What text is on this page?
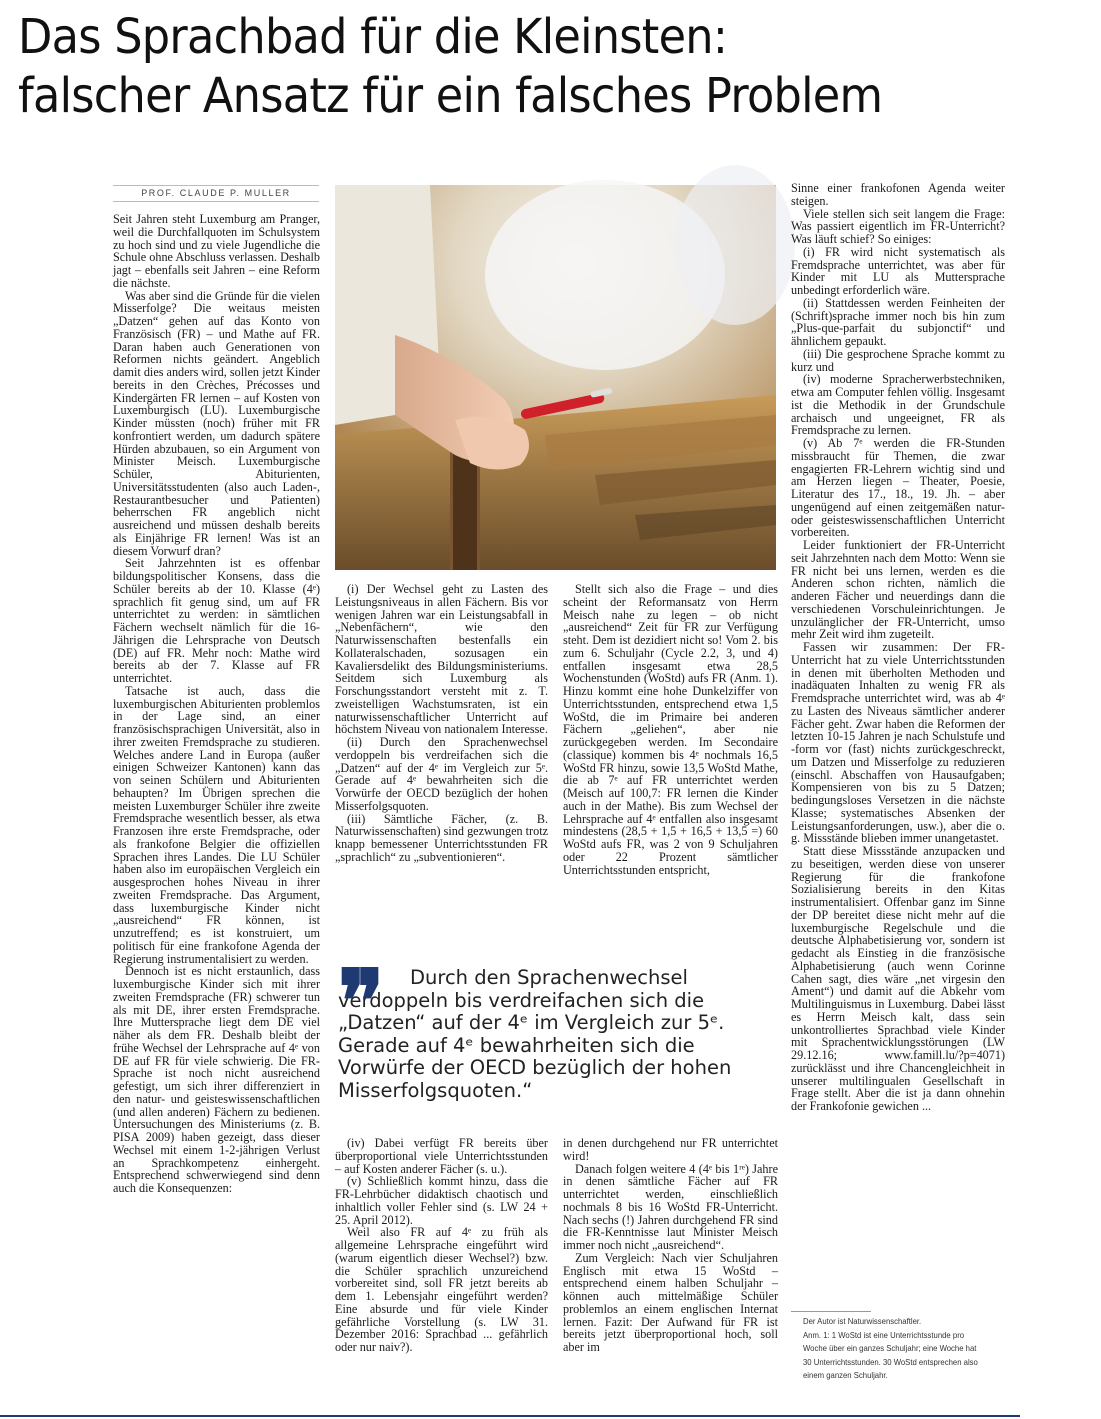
Das Sprachbad für die Kleinsten:
falscher Ansatz für ein falsches Problem
PROF. CLAUDE P. MULLER

Seit Jahren steht Luxemburg am Pranger, weil die Durchfallquoten im Schulsystem zu hoch sind und zu viele Jugendliche die Schule ohne Abschluss verlassen. Deshalb jagt – ebenfalls seit Jahren – eine Reform die nächste.

Was aber sind die Gründe für die vielen Misserfolge? Die weitaus meisten „Datzen“ gehen auf das Konto von Französisch (FR) – und Mathe auf FR. Daran haben auch Generationen von Reformen nichts geändert. Angeblich damit dies anders wird, sollen jetzt Kinder bereits in den Crèches, Précosses und Kindergärten FR lernen – auf Kosten von Luxemburgisch (LU). Luxemburgische Kinder müssten (noch) früher mit FR konfrontiert werden, um dadurch spätere Hürden abzubauen, so ein Argument von Minister Meisch. Luxemburgische Schüler, Abiturienten, Universitätsstudenten (also auch Laden-, Restaurantbesucher und Patienten) beherrschen FR angeblich nicht ausreichend und müssen deshalb bereits als Einjährige FR lernen! Was ist an diesem Vorwurf dran?

Seit Jahrzehnten ist es offenbar bildungspolitischer Konsens, dass die Schüler bereits ab der 10. Klasse (4ᵉ) sprachlich fit genug sind, um auf FR unterrichtet zu werden: in sämtlichen Fächern wechselt nämlich für die 16-Jährigen die Lehrsprache von Deutsch (DE) auf FR. Mehr noch: Mathe wird bereits ab der 7. Klasse auf FR unterrichtet.

Tatsache ist auch, dass die luxemburgischen Abiturienten problemlos in der Lage sind, an einer französischsprachigen Universität, also in ihrer zweiten Fremdsprache zu studieren. Welches andere Land in Europa (außer einigen Schweizer Kantonen) kann das von seinen Schülern und Abiturienten behaupten? Im Übrigen sprechen die meisten Luxemburger Schüler ihre zweite Fremdsprache wesentlich besser, als etwa Franzosen ihre erste Fremdsprache, oder als frankofone Belgier die offiziellen Sprachen ihres Landes. Die LU Schüler haben also im europäischen Vergleich ein ausgesprochen hohes Niveau in ihrer zweiten Fremdsprache. Das Argument, dass luxemburgische Kinder nicht „ausreichend“ FR können, ist unzutreffend; es ist konstruiert, um politisch für eine frankofone Agenda der Regierung instrumentalisiert zu werden.

Dennoch ist es nicht erstaunlich, dass luxemburgische Kinder sich mit ihrer zweiten Fremdsprache (FR) schwerer tun als mit DE, ihrer ersten Fremdsprache. Ihre Muttersprache liegt dem DE viel näher als dem FR. Deshalb bleibt der frühe Wechsel der Lehrsprache auf 4ᵉ von DE auf FR für viele schwierig. Die FR-Sprache ist noch nicht ausreichend gefestigt, um sich ihrer differenziert in den natur- und geisteswissenschaftlichen (und allen anderen) Fächern zu bedienen. Untersuchungen des Ministeriums (z. B. PISA 2009) haben gezeigt, dass dieser Wechsel mit einem 1-2-jährigen Verlust an Sprachkompetenz einhergeht. Entsprechend schwerwiegend sind denn auch die Konsequenzen:

(FOTO: SHUTTERSTOCK)

(i) Der Wechsel geht zu Lasten des Leistungsniveaus in allen Fächern. Bis vor wenigen Jahren war ein Leistungsabfall in „Nebenfächern“, wie den Naturwissenschaften bestenfalls ein Kollateralschaden, sozusagen ein Kavaliersdelikt des Bildungsministeriums. Seitdem sich Luxemburg als Forschungsstandort versteht mit z. T. zweistelligen Wachstumsraten, ist ein naturwissenschaftlicher Unterricht auf höchstem Niveau von nationalem Interesse.

(ii) Durch den Sprachenwechsel verdoppeln bis verdreifachen sich die „Datzen“ auf der 4ᵉ im Vergleich zur 5ᵉ. Gerade auf 4ᵉ bewahrheiten sich die Vorwürfe der OECD bezüglich der hohen Misserfolgsquoten.

(iii) Sämtliche Fächer, (z. B. Naturwissenschaften) sind gezwungen trotz knapp bemessener Unterrichtsstunden FR „sprachlich“ zu „subventionieren“.

Stellt sich also die Frage – und dies scheint der Reformansatz von Herrn Meisch nahe zu legen – ob nicht „ausreichend“ Zeit für FR zur Verfügung steht. Dem ist dezidiert nicht so! Vom 2. bis zum 6. Schuljahr (Cycle 2.2, 3, und 4) entfallen insgesamt etwa 28,5 Wochenstunden (WoStd) aufs FR (Anm. 1). Hinzu kommt eine hohe Dunkelziffer von Unterrichtsstunden, entsprechend etwa 1,5 WoStd, die im Primaire bei anderen Fächern „geliehen“, aber nie zurückgegeben werden. Im Secondaire (classique) kommen bis 4ᵉ nochmals 16,5 WoStd FR hinzu, sowie 13,5 WoStd Mathe, die ab 7ᵉ auf FR unterrichtet werden (Meisch auf 100,7: FR lernen die Kinder auch in der Mathe). Bis zum Wechsel der Lehrsprache auf 4ᵉ entfallen also insgesamt mindestens (28,5 + 1,5 + 16,5 + 13,5 =) 60 WoStd aufs FR, was 2 von 9 Schuljahren oder 22 Prozent sämtlicher Unterrichtsstunden entspricht,

❞	Durch den Sprachenwechsel verdoppeln bis verdreifachen sich die „Datzen“ auf der 4ᵉ im Vergleich zur 5ᵉ. Gerade auf 4ᵉ bewahrheiten sich die Vorwürfe der OECD bezüglich der hohen Misserfolgsquoten.“

(iv) Dabei verfügt FR bereits über überproportional viele Unterrichtsstunden – auf Kosten anderer Fächer (s. u.).

(v) Schließlich kommt hinzu, dass die FR-Lehrbücher didaktisch chaotisch und inhaltlich voller Fehler sind (s. LW 24 + 25. April 2012).

Weil also FR auf 4ᵉ zu früh als allgemeine Lehrsprache eingeführt wird (warum eigentlich dieser Wechsel?) bzw. die Schüler sprachlich unzureichend vorbereitet sind, soll FR jetzt bereits ab dem 1. Lebensjahr eingeführt werden? Eine absurde und für viele Kinder gefährliche Vorstellung (s. LW 31. Dezember 2016: Sprachbad ... gefährlich oder nur naiv?).

in denen durchgehend nur FR unterrichtet wird!

Danach folgen weitere 4 (4ᵉ bis 1ʳᵉ) Jahre in denen sämtliche Fächer auf FR unterrichtet werden, einschließlich nochmals 8 bis 16 WoStd FR-Unterricht. Nach sechs (!) Jahren durchgehend FR sind die FR-Kenntnisse laut Minister Meisch immer noch nicht „ausreichend“.

Zum Vergleich: Nach vier Schuljahren Englisch mit etwa 15 WoStd – entsprechend einem halben Schuljahr – können auch mittelmäßige Schüler problemlos an einem englischen Internat lernen. Fazit: Der Aufwand für FR ist bereits jetzt überproportional hoch, soll aber im

Sinne einer frankofonen Agenda weiter steigen.

Viele stellen sich seit langem die Frage: Was passiert eigentlich im FR-Unterricht? Was läuft schief? So einiges:

(i) FR wird nicht systematisch als Fremdsprache unterrichtet, was aber für Kinder mit LU als Muttersprache unbedingt erforderlich wäre.

(ii) Stattdessen werden Feinheiten der (Schrift)sprache immer noch bis hin zum „Plus-que-parfait du subjonctif“ und ähnlichem gepaukt.

(iii) Die gesprochene Sprache kommt zu kurz und

(iv) moderne Spracherwerbstechniken, etwa am Computer fehlen völlig. Insgesamt ist die Methodik in der Grundschule archaisch und ungeeignet, FR als Fremdsprache zu lernen.

(v) Ab 7ᵉ werden die FR-Stunden missbraucht für Themen, die zwar engagierten FR-Lehrern wichtig sind und am Herzen liegen – Theater, Poesie, Literatur des 17., 18., 19. Jh. – aber ungenügend auf einen zeitgemäßen natur- oder geisteswissenschaftlichen Unterricht vorbereiten.

Leider funktioniert der FR-Unterricht seit Jahrzehnten nach dem Motto: Wenn sie FR nicht bei uns lernen, werden es die Anderen schon richten, nämlich die anderen Fächer und neuerdings dann die verschiedenen Vorschuleinrichtungen. Je unzulänglicher der FR-Unterricht, umso mehr Zeit wird ihm zugeteilt.

Fassen wir zusammen: Der FR-Unterricht hat zu viele Unterrichtsstunden in denen mit überholten Methoden und inadäquaten Inhalten zu wenig FR als Fremdsprache unterrichtet wird, was ab 4ᵉ zu Lasten des Niveaus sämtlicher anderer Fächer geht. Zwar haben die Reformen der letzten 10-15 Jahren je nach Schulstufe und -form vor (fast) nichts zurückgeschreckt, um Datzen und Misserfolge zu reduzieren (einschl. Abschaffen von Hausaufgaben; Kompensieren von bis zu 5 Datzen; bedingungsloses Versetzen in die nächste Klasse; systematisches Absenken der Leistungsanforderungen, usw.), aber die o. g. Missstände blieben immer unangetastet.

Statt diese Missstände anzupacken und zu beseitigen, werden diese von unserer Regierung für die frankofone Sozialisierung bereits in den Kitas instrumentalisiert. Offenbar ganz im Sinne der DP bereitet diese nicht mehr auf die luxemburgische Regelschule und die deutsche Alphabetisierung vor, sondern ist gedacht als Einstieg in die französische Alphabetisierung (auch wenn Corinne Cahen sagt, dies wäre „net virgesin den Ament“) und damit auf die Abkehr vom Multilinguismus in Luxemburg. Dabei lässt es Herrn Meisch kalt, dass sein unkontrolliertes Sprachbad viele Kinder mit Sprachentwicklungsstörungen (LW 29.12.16; www.famill.lu/?p=4071) zurücklässt und ihre Chancengleichheit in unserer multilingualen Gesellschaft in Frage stellt. Aber die ist ja dann ohnehin der Frankofonie gewichen ...

Der Autor ist Naturwissenschaftler.

Anm. 1: 1 WoStd ist eine Unterrichtsstunde pro Woche über ein ganzes Schuljahr; eine Woche hat 30 Unterrichtsstunden. 30 WoStd entsprechen also einem ganzen Schuljahr.
